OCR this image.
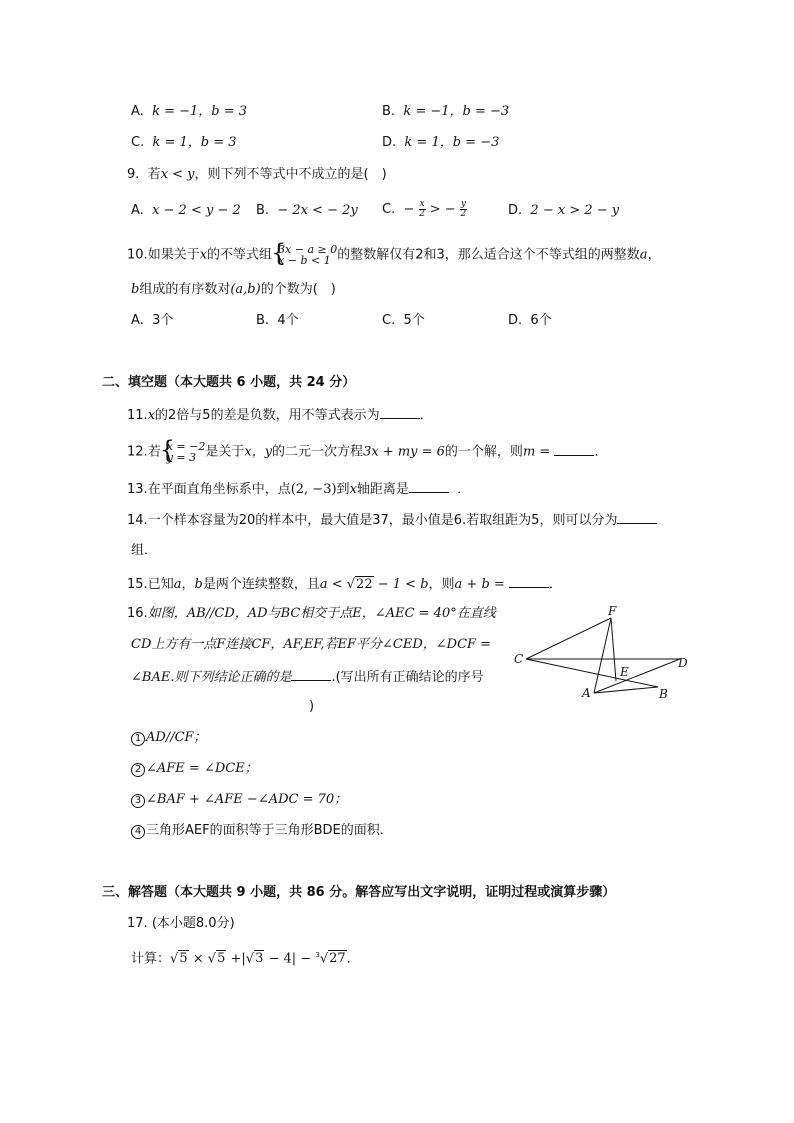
A. k = −1，b = 3	B. k = −1，b = −3
C. k = 1，b = 3	D. k = 1，b = −3
9. 若x < y，则下列不等式中不成立的是(　)
A. x − 2 < y − 2 B. − 2x < − 2y C. − $\frac{x}{2}$ > − $\frac{y}{2}$	D. 2 − x > 2 − y
10.如果关于x的不等式组 {
3x − a ≥ 0
x − b < 1 的整数解仅有2和3，那么适合这个不等式组的两整数a，
b组成的有序数对(a,b)的个数为(　)
A. 3个	B. 4个	C. 5个	D. 6个
二、填空题（本大题共 6 小题，共 24 分）
11.x的2倍与5的差是负数，用不等式表示为	．
12.若 {
x = −2
y = 3 是关于x，y的二元一次方程3x + my = 6的一个解，则m =	．
13.在平面直角坐标系中，点(2, −3)到x轴距离是	．
14.一个样本容量为20的样本中，最大值是37，最小值是6.若取组距为5，则可以分为
组．
15.已知a，b是两个连续整数，且a < √22 − 1 < b，则a + b =	．
16.如图，AB//CD，AD与BC相交于点E，∠AEC = 40°在直线
CD上方有一点F连接CF，AF,EF,若EF平分∠CED，∠DCF =
∠BAE.则下列结论正确的是	.(写出所有正确结论的序号
)
1 AD//CF；
2 ∠AFE = ∠DCE；
3 ∠BAF + ∠AFE −∠ADC = 70；
4 三角形AEF的面积等于三角形BDE的面积．
F
C	D
E
A	B
三、解答题（本大题共 9 小题，共 86 分。解答应写出文字说明，证明过程或演算步骤）
17. (本小题8.0分)
计算：√5 × √5 +|√3 − 4| − $^3$√27．
